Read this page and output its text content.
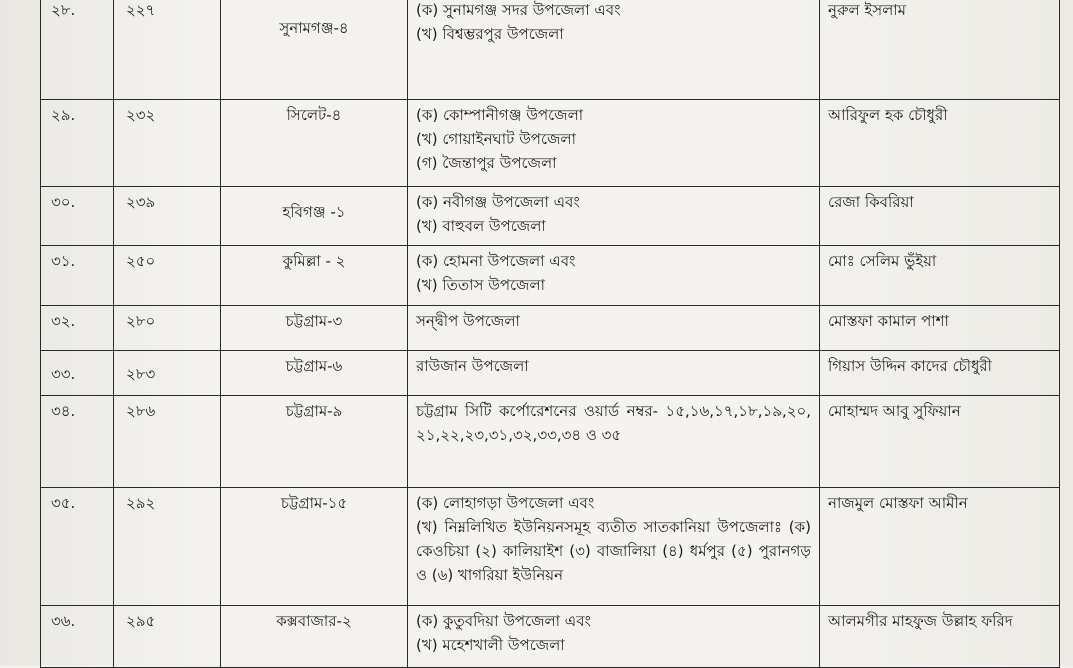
২৮.	২২৭	সুনামগঞ্জ-৪	(ক) সুনামগঞ্জ সদর উপজেলা এবং
(খ) বিশ্বম্ভরপুর উপজেলা	নুরুল ইসলাম
২৯.	২৩২	সিলেট-৪	(ক) কোম্পানীগঞ্জ উপজেলা
(খ) গোয়াইনঘাট উপজেলা
(গ) জৈন্তাপুর উপজেলা	আরিফুল হক চৌধুরী
৩০.	২৩৯	হবিগঞ্জ -১	(ক) নবীগঞ্জ উপজেলা এবং
(খ) বাহুবল উপজেলা	রেজা কিবরিয়া
৩১.	২৫০	কুমিল্লা - ২	(ক) হোমনা উপজেলা এবং
(খ) তিতাস উপজেলা	মোঃ সেলিম ভুঁইয়া
৩২.	২৮০	চট্টগ্রাম-৩	সন্দ্বীপ উপজেলা	মোস্তফা কামাল পাশা

৩৩.	২৮৩	চট্টগ্রাম-৬	রাউজান উপজেলা	গিয়াস উদ্দিন কাদের চৌধুরী
৩৪.	২৮৬	চট্টগ্রাম-৯	চট্টগ্রাম সিটি কর্পোরেশনের ওয়ার্ড নম্বর- ১৫,১৬,১৭,১৮,১৯,২০, ২১,২২,২৩,৩১,৩২,৩৩,৩৪ ও ৩৫	মোহাম্মদ আবু সুফিয়ান
৩৫.	২৯২	চট্টগ্রাম-১৫	(ক) লোহাগড়া উপজেলা এবং
(খ) নিম্নলিখিত ইউনিয়নসমূহ ব্যতীত সাতকানিয়া উপজেলাঃ (ক) কেওচিয়া (২) কালিয়াইশ (৩) বাজালিয়া (৪) ধর্মপুর (৫) পুরানগড় ও (৬) খাগরিয়া ইউনিয়ন	নাজমুল মোস্তফা আমীন
৩৬.	২৯৫	কক্সবাজার-২	(ক) কুতুবদিয়া উপজেলা এবং
(খ) মহেশখালী উপজেলা	আলমগীর মাহফুজ উল্লাহ ফরিদ
